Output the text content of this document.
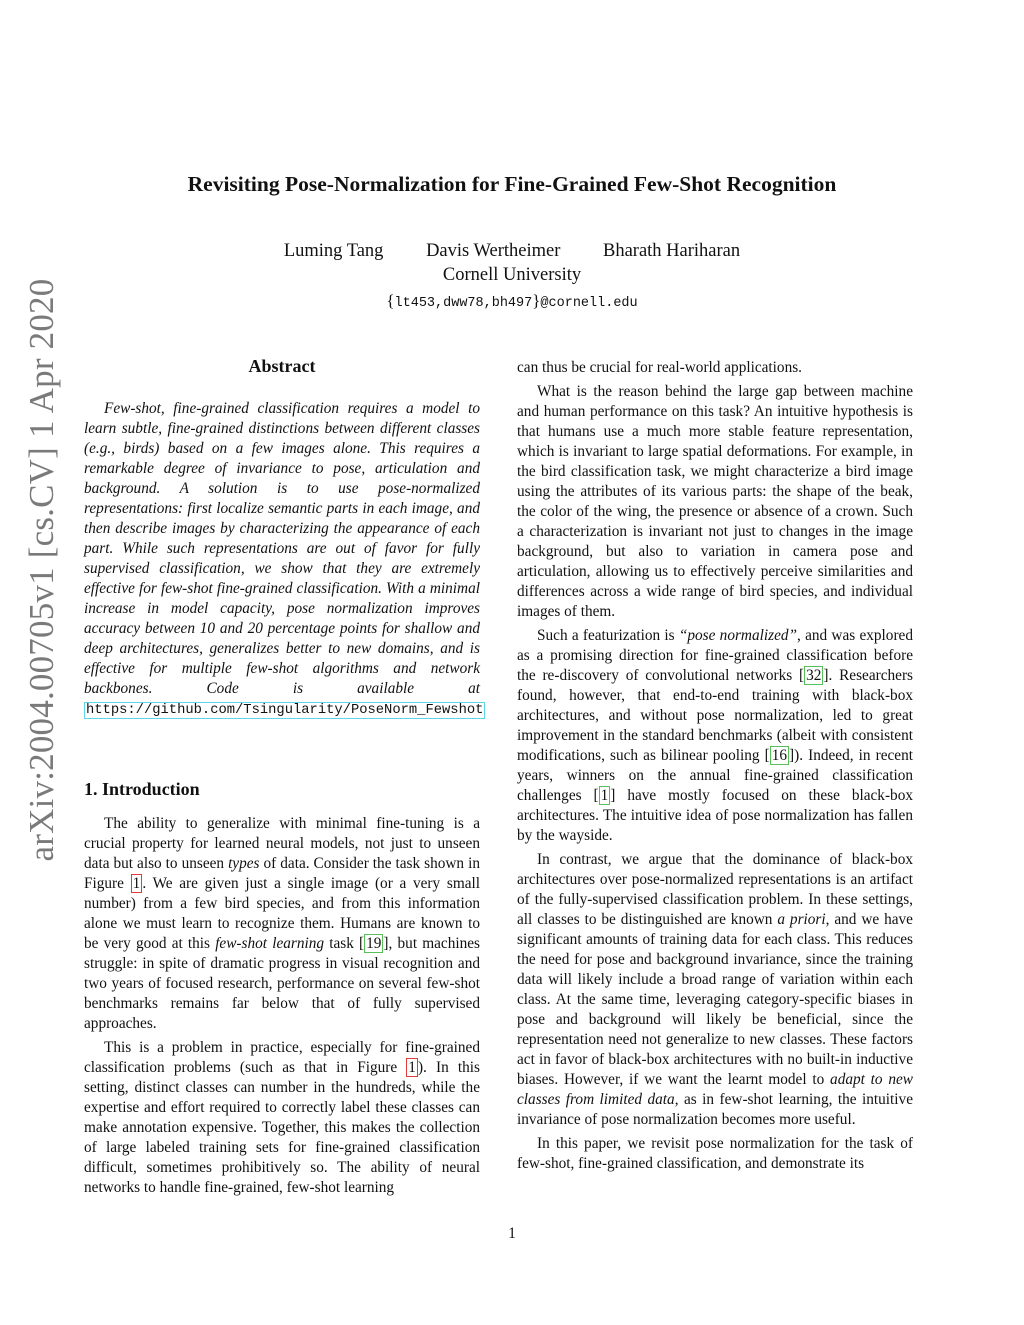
arXiv:2004.00705v1 [cs.CV] 1 Apr 2020
Revisiting Pose-Normalization for Fine-Grained Few-Shot Recognition
Luming Tang Davis Wertheimer Bharath Hariharan
Cornell University
{lt453,dww78,bh497}@cornell.edu
Abstract

Few-shot, fine-grained classification requires a model to learn subtle, fine-grained distinctions between different classes (e.g., birds) based on a few images alone. This requires a remarkable degree of invariance to pose, articulation and background. A solution is to use pose-normalized representations: first localize semantic parts in each image, and then describe images by characterizing the appearance of each part. While such representations are out of favor for fully supervised classification, we show that they are extremely effective for few-shot fine-grained classification. With a minimal increase in model capacity, pose normalization improves accuracy between 10 and 20 percentage points for shallow and deep architectures, generalizes better to new domains, and is effective for multiple few-shot algorithms and network backbones. Code is available at https://github.com/Tsingularity/PoseNorm_Fewshot

1. Introduction

The ability to generalize with minimal fine-tuning is a crucial property for learned neural models, not just to unseen data but also to unseen types of data. Consider the task shown in Figure 1 . We are given just a single image (or a very small number) from a few bird species, and from this information alone we must learn to recognize them. Humans are known to be very good at this few-shot learning task [ 19 ], but machines struggle: in spite of dramatic progress in visual recognition and two years of focused research, performance on several few-shot benchmarks remains far below that of fully supervised approaches.

This is a problem in practice, especially for fine-grained classification problems (such as that in Figure 1 ). In this setting, distinct classes can number in the hundreds, while the expertise and effort required to correctly label these classes can make annotation expensive. Together, this makes the collection of large labeled training sets for fine-grained classification difficult, sometimes prohibitively so. The ability of neural networks to handle fine-grained, few-shot learning

can thus be crucial for real-world applications.

What is the reason behind the large gap between machine and human performance on this task? An intuitive hypothesis is that humans use a much more stable feature representation, which is invariant to large spatial deformations. For example, in the bird classification task, we might characterize a bird image using the attributes of its various parts: the shape of the beak, the color of the wing, the presence or absence of a crown. Such a characterization is invariant not just to changes in the image background, but also to variation in camera pose and articulation, allowing us to effectively perceive similarities and differences across a wide range of bird species, and individual images of them.

Such a featurization is “pose normalized”, and was explored as a promising direction for fine-grained classification before the re-discovery of convolutional networks [ 32 ]. Researchers found, however, that end-to-end training with black-box architectures, and without pose normalization, led to great improvement in the standard benchmarks (albeit with consistent modifications, such as bilinear pooling [ 16 ]). Indeed, in recent years, winners on the annual fine-grained classification challenges [ 1 ] have mostly focused on these black-box architectures. The intuitive idea of pose normalization has fallen by the wayside.

In contrast, we argue that the dominance of black-box architectures over pose-normalized representations is an artifact of the fully-supervised classification problem. In these settings, all classes to be distinguished are known a priori, and we have significant amounts of training data for each class. This reduces the need for pose and background invariance, since the training data will likely include a broad range of variation within each class. At the same time, leveraging category-specific biases in pose and background will likely be beneficial, since the representation need not generalize to new classes. These factors act in favor of black-box architectures with no built-in inductive biases. However, if we want the learnt model to adapt to new classes from limited data, as in few-shot learning, the intuitive invariance of pose normalization becomes more useful.

In this paper, we revisit pose normalization for the task of few-shot, fine-grained classification, and demonstrate its

1
